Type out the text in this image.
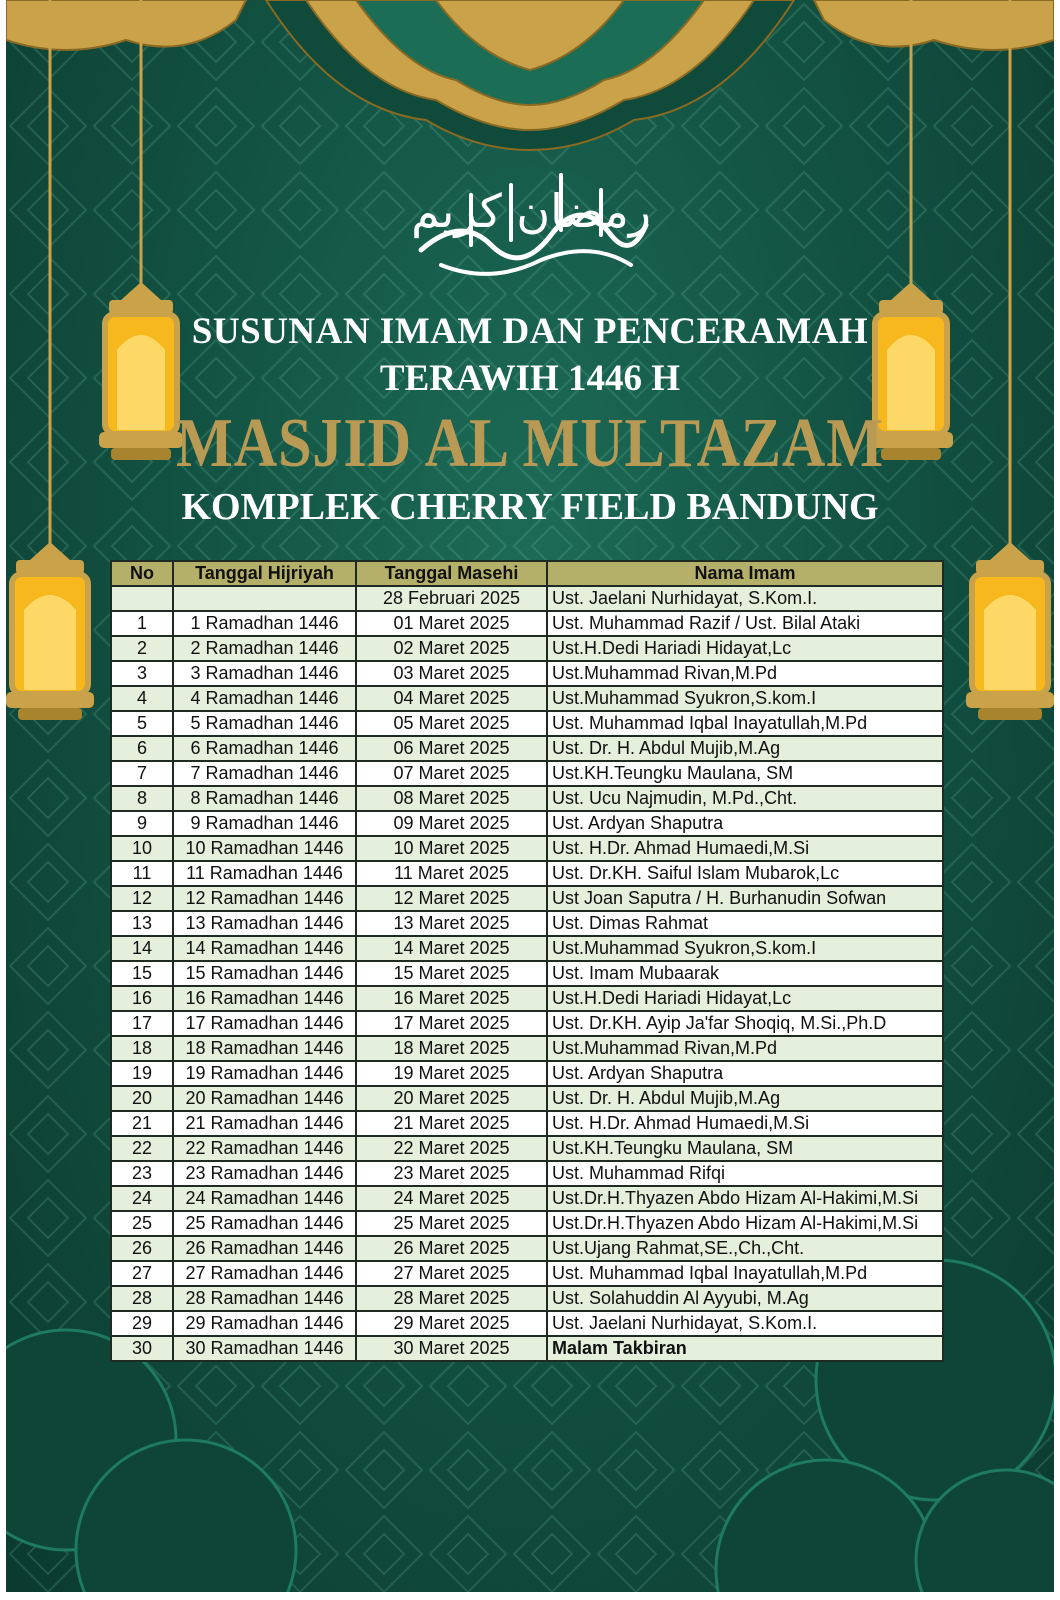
رمضان كريم
SUSUNAN IMAM DAN PENCERAMAH
TERAWIH 1446 H
MASJID AL MULTAZAM
KOMPLEK CHERRY FIELD BANDUNG
No	Tanggal Hijriyah	Tanggal Masehi	Nama Imam
		28 Februari 2025	Ust. Jaelani Nurhidayat, S.Kom.I.
1	1 Ramadhan 1446	01 Maret 2025	Ust. Muhammad Razif / Ust. Bilal Ataki
2	2 Ramadhan 1446	02 Maret 2025	Ust.H.Dedi Hariadi Hidayat,Lc
3	3 Ramadhan 1446	03 Maret 2025	Ust.Muhammad Rivan,M.Pd
4	4 Ramadhan 1446	04 Maret 2025	Ust.Muhammad Syukron,S.kom.I
5	5 Ramadhan 1446	05 Maret 2025	Ust. Muhammad Iqbal Inayatullah,M.Pd
6	6 Ramadhan 1446	06 Maret 2025	Ust. Dr. H. Abdul Mujib,M.Ag
7	7 Ramadhan 1446	07 Maret 2025	Ust.KH.Teungku Maulana, SM
8	8 Ramadhan 1446	08 Maret 2025	Ust. Ucu Najmudin, M.Pd.,Cht.
9	9 Ramadhan 1446	09 Maret 2025	Ust. Ardyan Shaputra
10	10 Ramadhan 1446	10 Maret 2025	Ust. H.Dr. Ahmad Humaedi,M.Si
11	11 Ramadhan 1446	11 Maret 2025	Ust. Dr.KH. Saiful Islam Mubarok,Lc
12	12 Ramadhan 1446	12 Maret 2025	Ust Joan Saputra / H. Burhanudin Sofwan
13	13 Ramadhan 1446	13 Maret 2025	Ust. Dimas Rahmat
14	14 Ramadhan 1446	14 Maret 2025	Ust.Muhammad Syukron,S.kom.I
15	15 Ramadhan 1446	15 Maret 2025	Ust. Imam Mubaarak
16	16 Ramadhan 1446	16 Maret 2025	Ust.H.Dedi Hariadi Hidayat,Lc
17	17 Ramadhan 1446	17 Maret 2025	Ust. Dr.KH. Ayip Ja'far Shoqiq, M.Si.,Ph.D
18	18 Ramadhan 1446	18 Maret 2025	Ust.Muhammad Rivan,M.Pd
19	19 Ramadhan 1446	19 Maret 2025	Ust. Ardyan Shaputra
20	20 Ramadhan 1446	20 Maret 2025	Ust. Dr. H. Abdul Mujib,M.Ag
21	21 Ramadhan 1446	21 Maret 2025	Ust. H.Dr. Ahmad Humaedi,M.Si
22	22 Ramadhan 1446	22 Maret 2025	Ust.KH.Teungku Maulana, SM
23	23 Ramadhan 1446	23 Maret 2025	Ust. Muhammad Rifqi
24	24 Ramadhan 1446	24 Maret 2025	Ust.Dr.H.Thyazen Abdo Hizam Al-Hakimi,M.Si
25	25 Ramadhan 1446	25 Maret 2025	Ust.Dr.H.Thyazen Abdo Hizam Al-Hakimi,M.Si
26	26 Ramadhan 1446	26 Maret 2025	Ust.Ujang Rahmat,SE.,Ch.,Cht.
27	27 Ramadhan 1446	27 Maret 2025	Ust. Muhammad Iqbal Inayatullah,M.Pd
28	28 Ramadhan 1446	28 Maret 2025	Ust. Solahuddin Al Ayyubi, M.Ag
29	29 Ramadhan 1446	29 Maret 2025	Ust. Jaelani Nurhidayat, S.Kom.I.
30	30 Ramadhan 1446	30 Maret 2025	Malam Takbiran
